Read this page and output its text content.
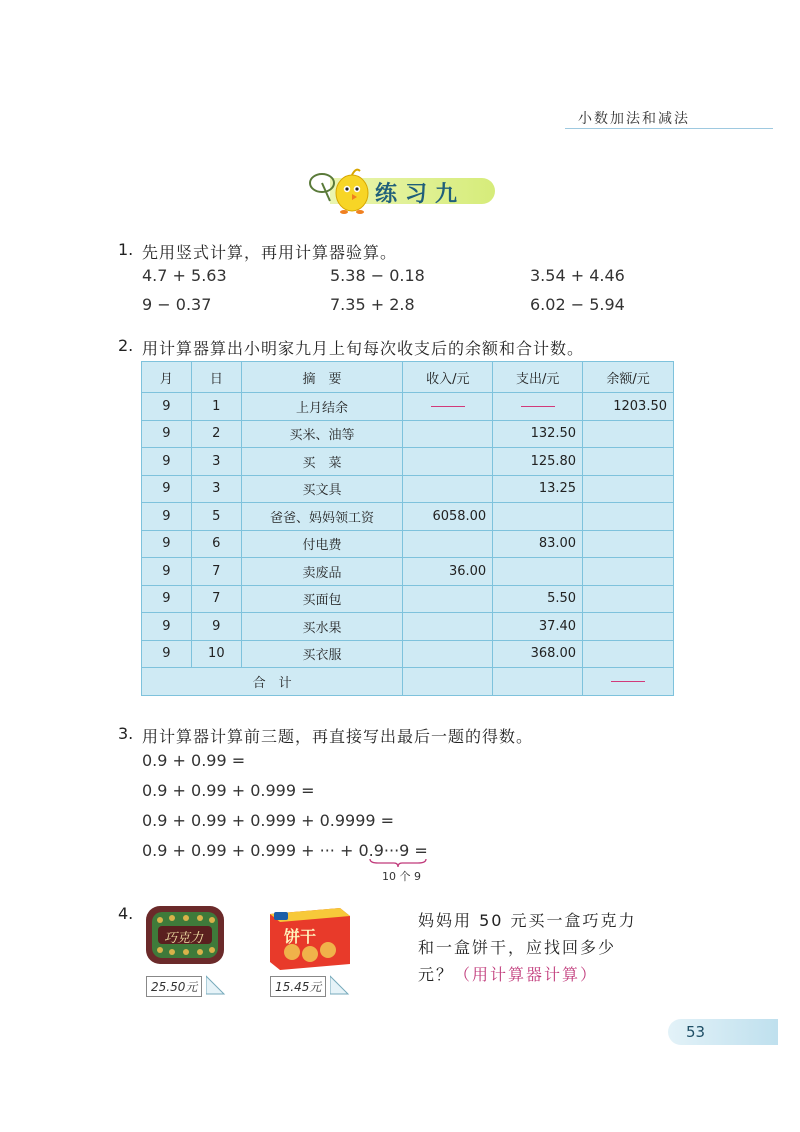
小数加法和减法
练习九
1. 先用竖式计算，再用计算器验算。
4.7 + 5.63	5.38 − 0.18	3.54 + 4.46
9 − 0.37	7.35 + 2.8	6.02 − 5.94
2. 用计算器算出小明家九月上旬每次收支后的余额和合计数。
月	日	摘　要	收入/元	支出/元	余额/元
9	1	上月结余			1203.50
9	2	买米、油等		132.50	
9	3	买　菜		125.80	
9	3	买文具		13.25	
9	5	爸爸、妈妈领工资	6058.00		
9	6	付电费		83.00	
9	7	卖废品	36.00		
9	7	买面包		5.50	
9	9	买水果		37.40	
9	10	买衣服		368.00	
合　计					
3. 用计算器计算前三题，再直接写出最后一题的得数。
0.9 + 0.99 =
0.9 + 0.99 + 0.999 =
0.9 + 0.99 + 0.999 + 0.9999 =
0.9 + 0.99 + 0.999 + ··· + 0.9···9 =
10 个 9
4.
巧克力
25.50元
饼干
15.45元
妈妈用 50 元买一盒巧克力
和一盒饼干，应找回多少
元？（用计算器计算）
53
